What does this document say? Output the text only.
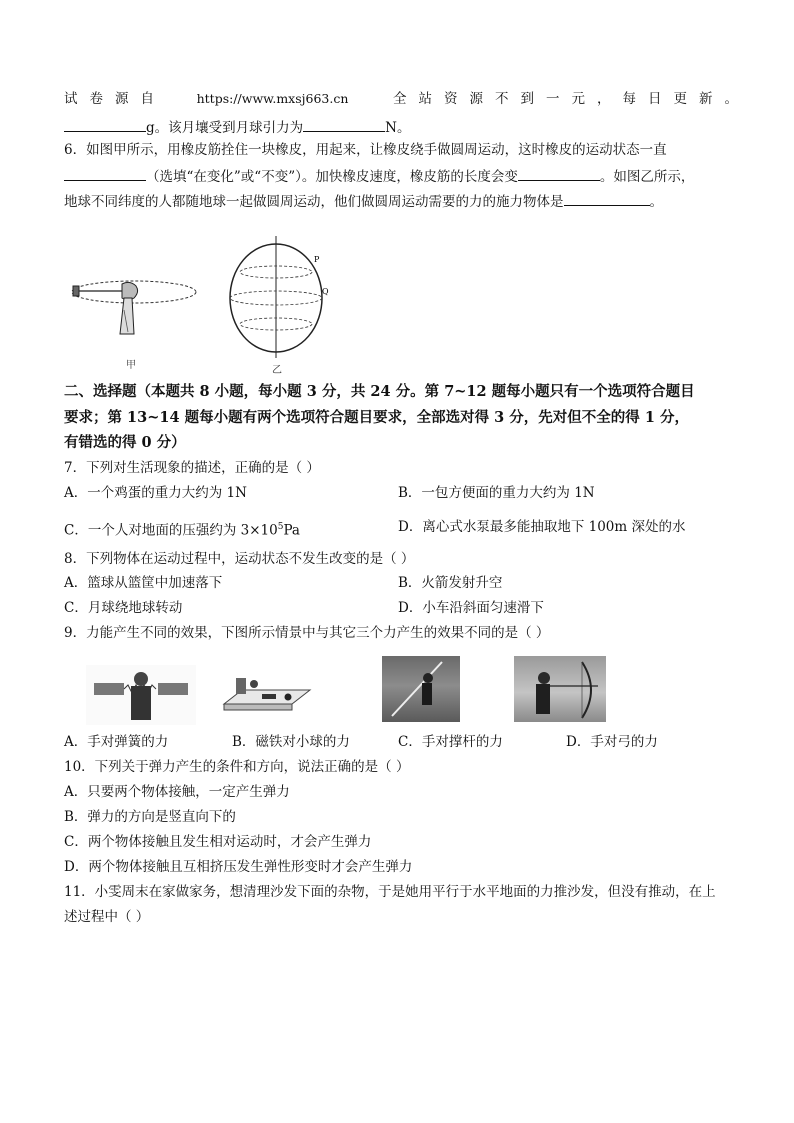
试卷源自 https://www.mxsj663.cn	全站资源不到一元，每日更新。
g。该月壤受到月球引力为	N。
6．如图甲所示，用橡皮筋拴住一块橡皮，用起来，让橡皮绕手做圆周运动，这时橡皮的运动状态一直
（选填“在变化”或“不变”）。加快橡皮速度，橡皮筋的长度会变	。如图乙所示，
地球不同纬度的人都随地球一起做圆周运动，他们做圆周运动需要的力的施力物体是	。
甲
P
Q
乙
二、选择题（本题共 8 小题，每小题 3 分，共 24 分。第 7~12 题每小题只有一个选项符合题目
要求；第 13~14 题每小题有两个选项符合题目要求，全部选对得 3 分，先对但不全的得 1 分，
有错选的得 0 分）
7．下列对生活现象的描述，正确的是（ ）
A．一个鸡蛋的重力大约为 1N	B．一包方便面的重力大约为 1N
C．一个人对地面的压强约为 $3\times 10^5Pa$	D．离心式水泵最多能抽取地下 100m 深处的水
8．下列物体在运动过程中，运动状态不发生改变的是（ ）
A．篮球从篮筐中加速落下	B．火箭发射升空
C．月球绕地球转动	D．小车沿斜面匀速滑下
9．力能产生不同的效果，下图所示情景中与其它三个力产生的效果不同的是（ ）
A．手对弹簧的力	B．磁铁对小球的力	C．手对撑杆的力	D．手对弓的力
10．下列关于弹力产生的条件和方向，说法正确的是（ ）
A．只要两个物体接触，一定产生弹力
B．弹力的方向是竖直向下的
C．两个物体接触且发生相对运动时，才会产生弹力
D．两个物体接触且互相挤压发生弹性形变时才会产生弹力
11．小雯周末在家做家务，想清理沙发下面的杂物，于是她用平行于水平地面的力推沙发，但没有推动，在上
述过程中（ ）
